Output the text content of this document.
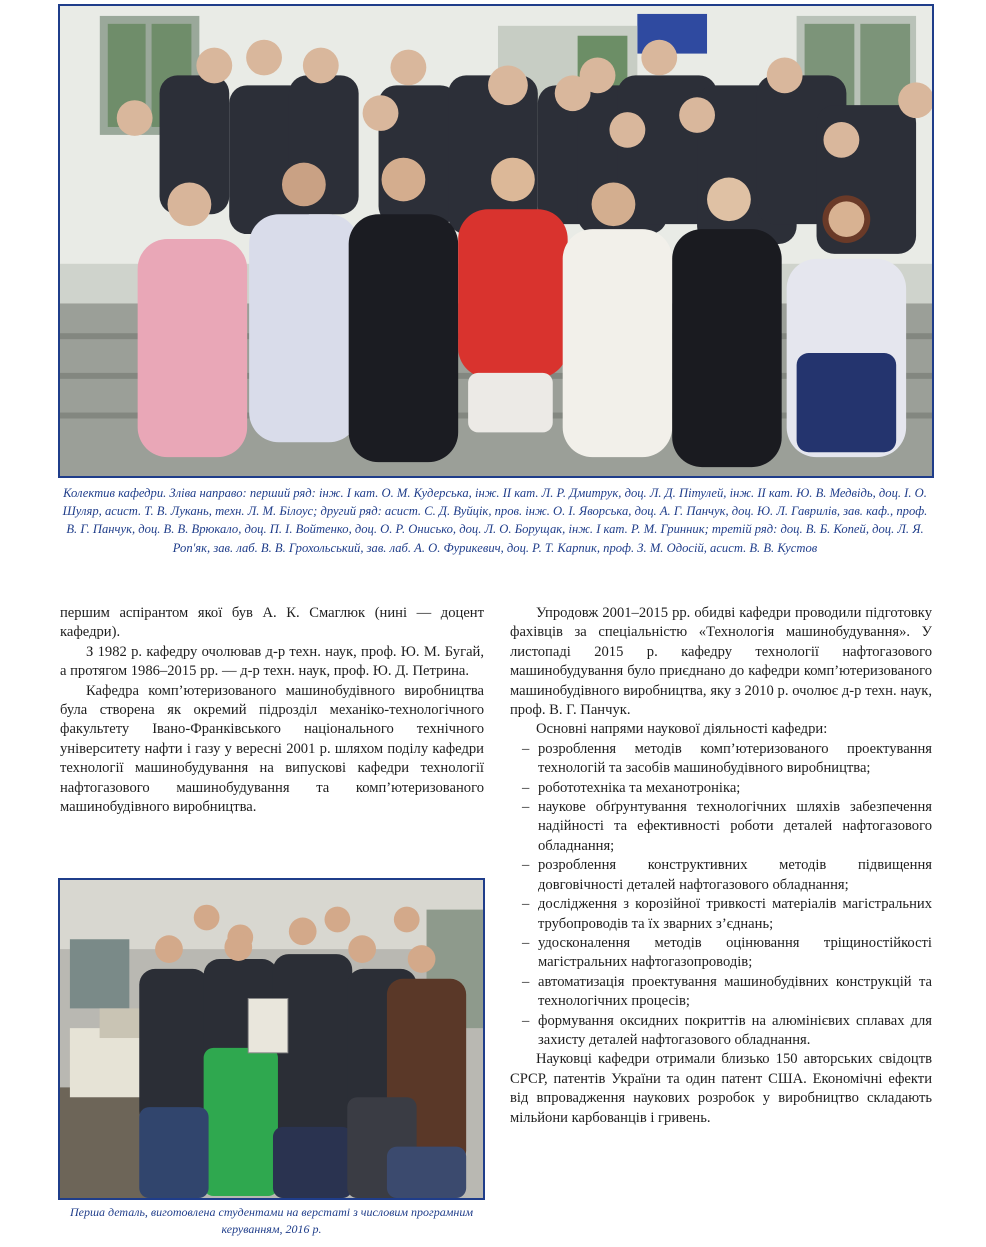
Колектив кафедри. Зліва направо: перший ряд: інж. I кат. О. М. Кудерська, інж. II кат. Л. Р. Дмитрук, доц. Л. Д. Пітулей, інж. II кат. Ю. В. Медвідь, доц. І. О. Шуляр, асист. Т. В. Лукань, техн. Л. М. Білоус; другий ряд: асист. С. Д. Вуйцік, пров. інж. О. І. Яворська, доц. А. Г. Панчук, доц. Ю. Л. Гаврилів, зав. каф., проф. В. Г. Панчук, доц. В. В. Врюкало, доц. П. І. Войтенко, доц. О. Р. Онисько, доц. Л. О. Борущак, інж. I кат. Р. М. Гринник; третій ряд: доц. В. Б. Копей, доц. Л. Я. Роп'як, зав. лаб. В. В. Грохольський, зав. лаб. А. О. Фурикевич, доц. Р. Т. Карпик, проф. З. М. Одосій, асист. В. В. Кустов

першим аспірантом якої був А. К. Смаглюк (нині — доцент кафедри).

З 1982 р. кафедру очолював д-р техн. наук, проф. Ю. М. Бугай, а протягом 1986–2015 рр. — д-р техн. наук, проф. Ю. Д. Петрина.

Кафедра комп’ютеризованого машинобудівного виробництва була створена як окремий підрозділ механіко-технологічного факультету Івано-Франківського національного технічного університету нафти і газу у вересні 2001 р. шляхом поділу кафедри технології машинобудування на випускові кафедри технології нафтогазового машинобудування та комп’ютеризованого машинобудівного виробництва.

Перша деталь, виготовлена студентами на верстаті з числовим програмним керуванням, 2016 р.

Упродовж 2001–2015 рр. обидві кафедри проводили підготовку фахівців за спеціальністю «Технологія машинобудування». У листопаді 2015 р. кафедру технології нафтогазового машинобудування було приєднано до кафедри комп’ютеризованого машинобудівного виробництва, яку з 2010 р. очолює д-р техн. наук, проф. В. Г. Панчук.

Основні напрями наукової діяльності кафедри:

– розроблення методів комп’ютеризованого проектування технологій та засобів машинобудівного виробництва;
– робототехніка та механотроніка;
– наукове обґрунтування технологічних шляхів забезпечення надійності та ефективності роботи деталей нафтогазового обладнання;
– розроблення конструктивних методів підвищення довговічності деталей нафтогазового обладнання;
– дослідження з корозійної тривкості матеріалів магістральних трубопроводів та їх зварних з’єднань;
– удосконалення методів оцінювання тріщиностійкості магістральних нафтогазопроводів;
– автоматизація проектування машинобудівних конструкцій та технологічних процесів;
– формування оксидних покриттів на алюмінієвих сплавах для захисту деталей нафтогазового обладнання.

Науковці кафедри отримали близько 150 авторських свідоцтв СРСР, патентів України та один патент США. Економічні ефекти від впровадження наукових розробок у виробництво складають мільйони карбованців і гривень.
